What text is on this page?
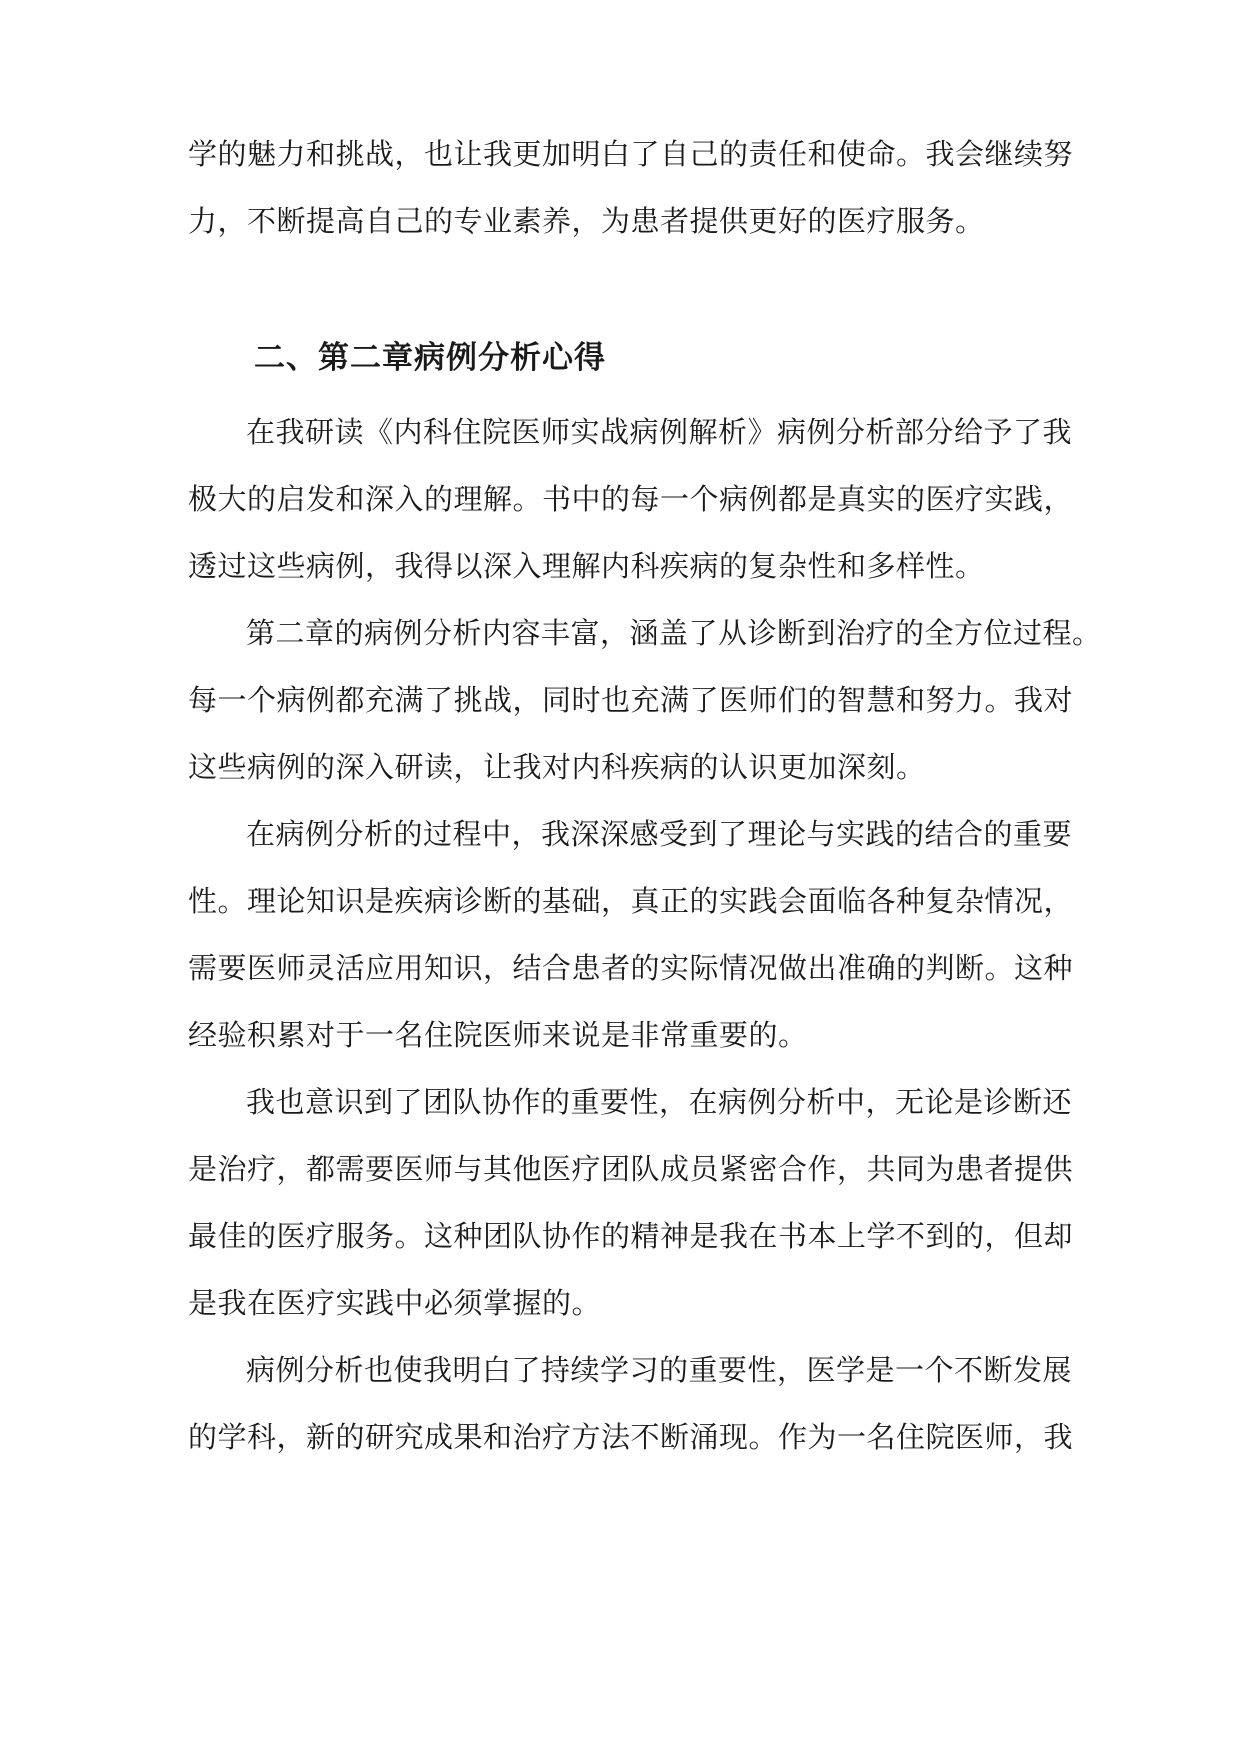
学的魅力和挑战，也让我更加明白了自己的责任和使命。我会继续努
力，不断提高自己的专业素养，为患者提供更好的医疗服务。
二、第二章病例分析心得
在我研读《内科住院医师实战病例解析》病例分析部分给予了我
极大的启发和深入的理解。书中的每一个病例都是真实的医疗实践，
透过这些病例，我得以深入理解内科疾病的复杂性和多样性。
第二章的病例分析内容丰富，涵盖了从诊断到治疗的全方位过程。
每一个病例都充满了挑战，同时也充满了医师们的智慧和努力。我对
这些病例的深入研读，让我对内科疾病的认识更加深刻。
在病例分析的过程中，我深深感受到了理论与实践的结合的重要
性。理论知识是疾病诊断的基础，真正的实践会面临各种复杂情况，
需要医师灵活应用知识，结合患者的实际情况做出准确的判断。这种
经验积累对于一名住院医师来说是非常重要的。
我也意识到了团队协作的重要性，在病例分析中，无论是诊断还
是治疗，都需要医师与其他医疗团队成员紧密合作，共同为患者提供
最佳的医疗服务。这种团队协作的精神是我在书本上学不到的，但却
是我在医疗实践中必须掌握的。
病例分析也使我明白了持续学习的重要性，医学是一个不断发展
的学科，新的研究成果和治疗方法不断涌现。作为一名住院医师，我
